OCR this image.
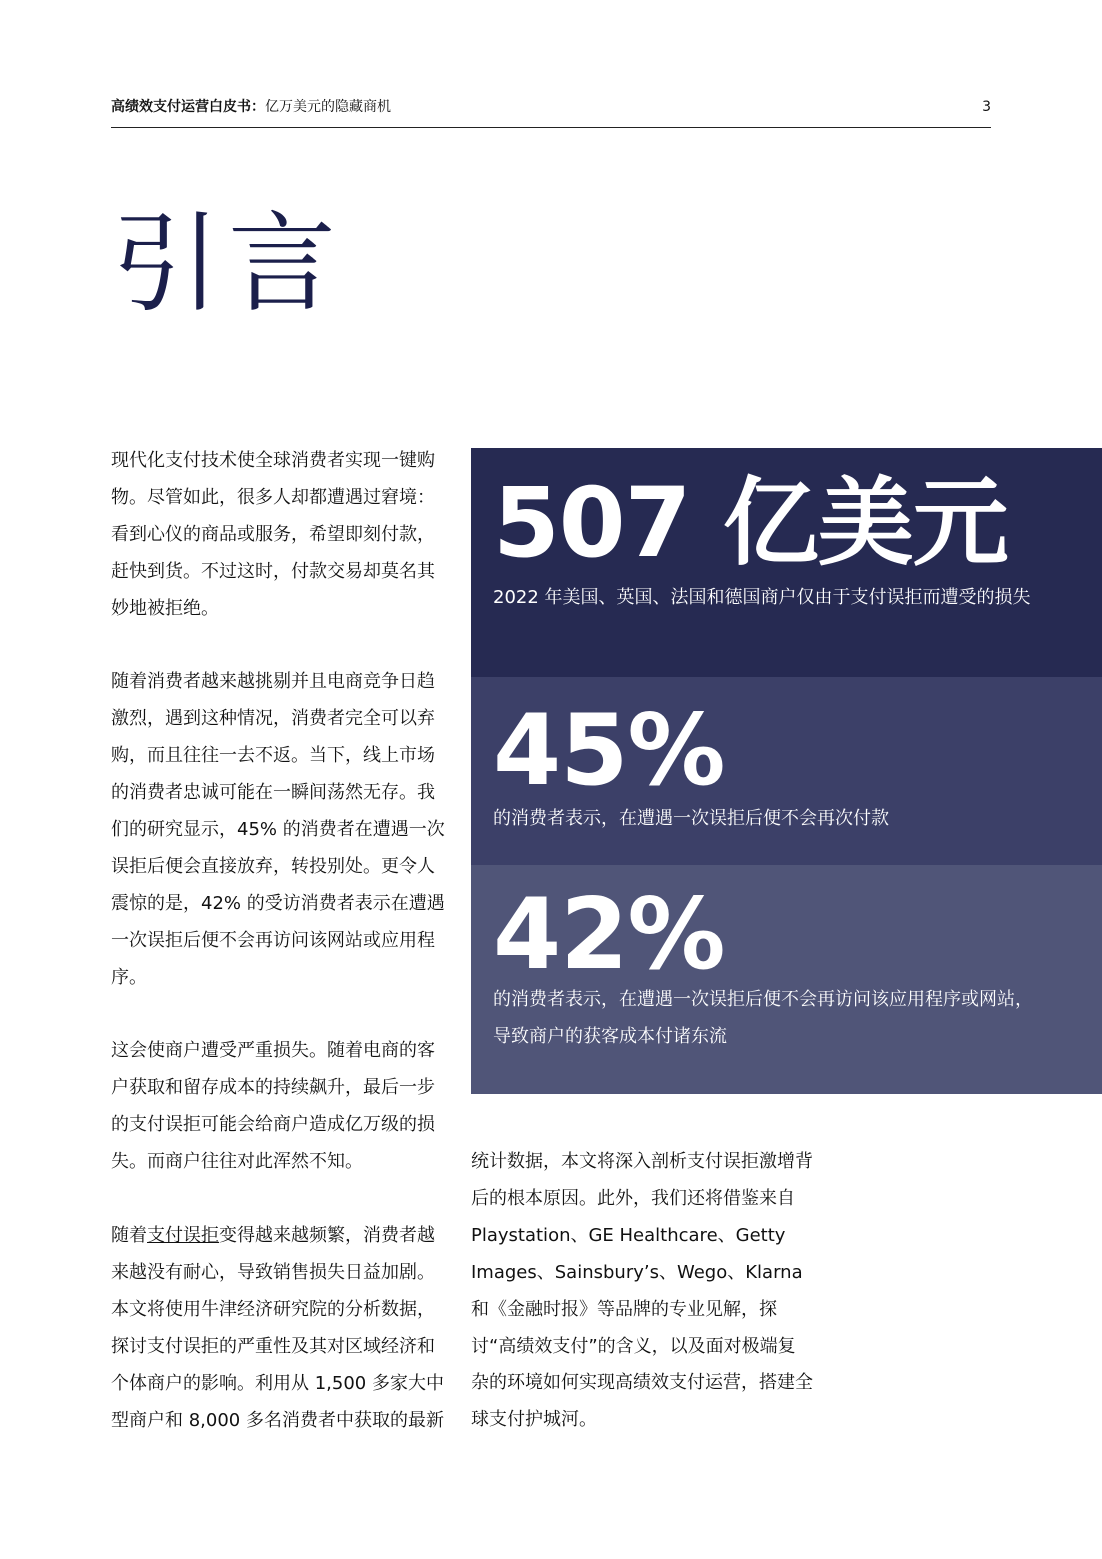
高绩效支付运营白皮书：亿万美元的隐藏商机	3
引言

现代化支付技术使全球消费者实现一键购物。尽管如此，很多人却都遭遇过窘境：看到心仪的商品或服务，希望即刻付款，赶快到货。不过这时，付款交易却莫名其妙地被拒绝。

随着消费者越来越挑剔并且电商竞争日趋激烈，遇到这种情况，消费者完全可以弃购，而且往往一去不返。当下，线上市场的消费者忠诚可能在一瞬间荡然无存。我们的研究显示，45% 的消费者在遭遇一次误拒后便会直接放弃，转投别处。更令人震惊的是，42% 的受访消费者表示在遭遇一次误拒后便不会再访问该网站或应用程序。

这会使商户遭受严重损失。随着电商的客户获取和留存成本的持续飙升，最后一步的支付误拒可能会给商户造成亿万级的损失。而商户往往对此浑然不知。

随着支付误拒变得越来越频繁，消费者越来越没有耐心，导致销售损失日益加剧。本文将使用牛津经济研究院的分析数据，探讨支付误拒的严重性及其对区域经济和个体商户的影响。利用从 1,500 多家大中型商户和 8,000 多名消费者中获取的最新

507 亿美元
2022 年美国、英国、法国和德国商户仅由于支付误拒而遭受的损失
45%
的消费者表示，在遭遇一次误拒后便不会再次付款
42%
的消费者表示，在遭遇一次误拒后便不会再访问该应用程序或网站，导致商户的获客成本付诸东流

统计数据，本文将深入剖析支付误拒激增背后的根本原因。此外，我们还将借鉴来自 Playstation、GE Healthcare、Getty Images、Sainsbury’s、Wego、Klarna 和《金融时报》等品牌的专业见解，探讨“高绩效支付”的含义，以及面对极端复杂的环境如何实现高绩效支付运营，搭建全球支付护城河。
